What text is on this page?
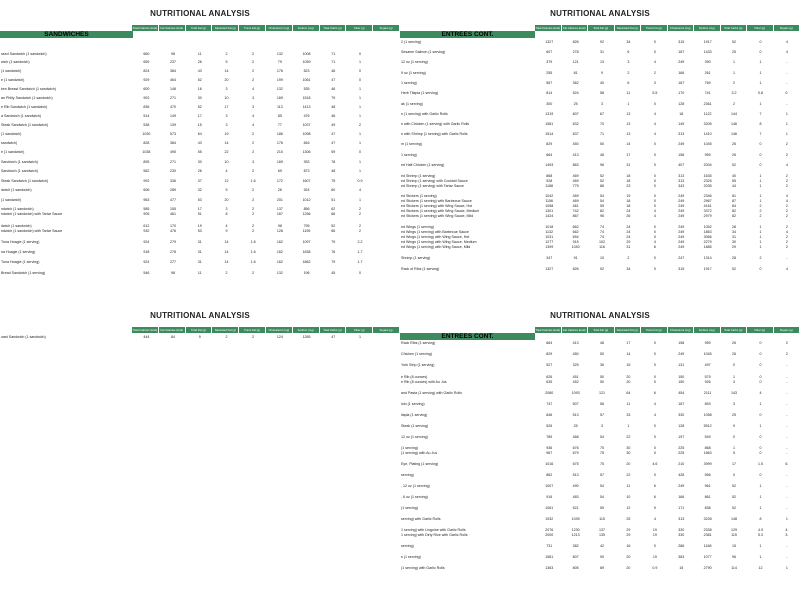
NUTRITIONAL ANALYSIS
Total Calories (kcal)	Fat Calories (kcal)	Total Fat (g)	Saturated Fat (g)	Trans Fat (g)	Cholesterol (mg)	Sodium (mg)	Total Carbs (g)	Fiber (g)	Sugars (g)
SANDWICHES
ssed Sandwich (1 sandwich)	660	98	11	2	2	132	1008	71	0
wich (1 sandwich)	659	237	26	5	2	79	1059	71	1
(1 sandwich)	824	384	43	14	2	176	523	46	0
e (1 sandwich)	929	464	52	20	2	199	1061	47	0
ken Breast Sandwich (1 sandwich)	600	146	16	3	4	132	535	46	1
an Philly Sandwich (1 sandwich)	902	271	30	10	3	169	1518	79	1
e Rib Sandwich (1 sandwich)	836	470	52	17	3	113	1413	48	1
a Sandwich (1 sandwich)	514	149	17	3	4	85	476	46	1
Steak Sandwich (1 sandwich)	538	139	15	3	4	77	1037	49	2
(1 sandwich)	1030	573	64	19	2	186	1098	47	1
sandwich)	828	384	43	14	2	176	816	47	1
e (1 sandwich)	1038	495	55	22	2	210	1306	59	0
Sandwich (1 sandwich)	895	271	30	10	3	169	933	78	1
Sandwich (1 sandwich)	562	230	26	4	2	69	873	48	1
Steak Sandwich (1 sandwich)	992	336	37	12	1.6	172	1607	75	0.9
dwich (1 sandwich)	606	289	32	5	2	26	924	60	4
(1 sandwich)	963	477	53	20	2	201	1012	51	1
ndwich (1 sandwich)	585	155	17	3	2	137	856	62	2
ndwich (1 sandwich) with Tartar Sauce	905	461	51	8	2	167	1256	66	2
dwich (1 sandwich)	612	170	19	4	2	98	795	52	2
ndwich (1 sandwich) with Tartar Sauce	932	476	53	9	2	128	1195	66	2
Tuna Hoagie (1 serving)	924	279	31	14	1.6	162	1097	79	2.2
na Hoagie (1 serving)	918	278	31	14	1.6	162	1638	76	1.7
Tuna Hoagie (1 serving)	924	277	31	14	1.6	162	1862	79	1.7
Bread Sandwich (1 serving)	546	98	11	2	2	132	196	45	0
NUTRITIONAL ANALYSIS
Total Calories (kcal)	Fat Calories (kcal)	Total Fat (g)	Saturated Fat (g)	Trans Fat (g)	Cholesterol (mg)	Sodium (mg)	Total Carbs (g)	Fiber (g)	Sugars (g)
ENTREES CONT.
2 (1 serving)	1327	826	92	34	0	315	1917	52	0	4
Sesame Salmon (1 serving)	607	278	31	6	0	167	1433	25	0	4
12 oz (1 serving)	379	121	13	3	4	249	390	1	1	-
9 oz (1 serving)	255	81	9	2	2	166	261	1	1	-
1 serving)	567	362	40	6	3	167	769	2	1	-
Herb Tilapia (1 serving)	814	524	58	11	5.5	170	741	3.2	0.8	0.
ak (1 serving)	300	25	3	1	0	128	2361	2	1	-
n (1 serving) with Garlic Rolls	1319	607	67	13	4	18	1122	144	7	1
n with Chicken (1 serving) with Garlic Rolls	1581	632	70	13	4	149	3205	146	8	1
n with Shrimp (1 serving) with Garlic Rolls	1514	637	71	13	4	313	1410	146	7	1
m (1 serving)	829	450	50	14	0	249	1045	26	0	2
1 serving)	664	413	46	17	0	158	959	26	0	2
ed Half Chicken (1 serving)	1493	863	96	31	0	407	2004	52	0	4
ed Shrimp (1 serving)	868	469	52	18	0	313	1635	40	1	2
ed Shrimp (1 serving) with Cocktail Sauce	928	469	52	18	0	313	2325	55	1	2
ed Shrimp (1 serving) with Tartar Sauce	1188	775	86	23	0	343	2035	44	1	2
ed Stickers (1 serving)	1042	469	54	19	0	249	2346	81	1	4
ed Stickers (1 serving) with Barbecue Sauce	1156	469	54	18	0	249	2967	87	1	4
ed Stickers (1 serving) with Wing Sauce, Hot	1058	461	55	18	0	249	4161	84	2	2
ed Stickers (1 serving) with Wing Sauce, Medium	1301	742	82	24	4	249	3372	82	2	2
ed Stickers (1 serving) with Wing Sauce, Mild	1424	867	96	26	4	249	2979	82	2	2
ed Wings (1 serving)	1018	662	74	24	0	249	1052	28	1	2
ed Wings (1 serving) with Barbecue Sauce	1132	662	74	24	0	249	1863	34	1	4
ed Wings (1 serving) with Wing Sauce, Hot	1031	654	74	24	0	249	3066	31	1	2
ed Wings (1 serving) with Wing Sauce, Medium	1277	915	102	29	4	249	2279	30	1	2
ed Wings (1 serving) with Wing Sauce, Mild	1399	1040	116	31	6	249	1885	29	1	2
Shrimp (1 serving)	347	91	10	2	0	247	1314	28	2	-
Rack of Ribs (1 serving)	1327	826	92	34	0	315	1917	52	0	4
NUTRITIONAL ANALYSIS
Total Calories (kcal)	Fat Calories (kcal)	Total Fat (g)	Saturated Fat (g)	Trans Fat (g)	Cholesterol (mg)	Sodium (mg)	Total Carbs (g)	Fiber (g)	Sugars (g)
oast Sandwich (1 sandwich)	444	84	9	2	2	124	1285	47	1
NUTRITIONAL ANALYSIS
Total Calories (kcal)	Fat Calories (kcal)	Total Fat (g)	Saturated Fat (g)	Trans Fat (g)	Cholesterol (mg)	Sodium (mg)	Total Carbs (g)	Fiber (g)	Sugars (g)
ENTREES CONT.
Rack Ribs (1 serving)	664	413	46	17	0	158	959	26	0	2
Chicken (1 serving)	829	450	50	14	0	249	1045	26	0	2
York Strip (1 serving)	527	325	36	15	0	131	497	0	0	-
e Rib (8 ounces)	626	451	50	20	0	150	579	1	0	-
e Rib (8 ounces) with Au Jus	635	452	50	20	0	150	926	3	0	-
and Pasta (1 serving) with Garlic Rolls	2080	1093	121	64	6	454	2111	143	4	-
loin (1 serving)	747	507	56	11	4	167	893	3	1	-
ilapia (1 serving)	846	513	57	33	4	330	1058	25	0	-
Steak (1 serving)	526	25	3	1	0	128	5512	9	1	-
12 oz (1 serving)	789	468	54	22	0	197	549	0	0	-
(1 serving)	936	676	75	30	0	225	868	1	0	-
(1 serving) with Au Jus	967	679	75	30	0	225	1863	5	0	-
Eye, Plating (1 serving)	1016	675	75	20	4.6	210	3999	17	1.5	6.
serving)	862	513	57	22	0	428	556	0	0	-
, 12 oz (1 serving)	1007	490	54	11	6	249	961	52	1	-
, 6 oz (1 serving)	916	483	54	10	6	166	861	52	1	-
(1 serving)	1061	521	59	12	9	171	838	52	1	-
serving) with Garlic Rolls	1932	1039	115	25	4	313	3228	148	8	1
1 serving) with Linguine with Garlic Rolls	2076	1230	137	29	19	330	2338	129	4.9	4.
1 serving) with Dirty Rice with Garlic Rolls	2000	1213	135	29	19	330	2381	115	5.3	3.
serving)	731	382	42	16	0	286	1168	15	1	-
s (1 serving)	1581	807	90	20	19	383	1077	96	1	-
(1 serving) with Garlic Rolls	1363	805	89	20	0.9	15	2790	114	12	1
